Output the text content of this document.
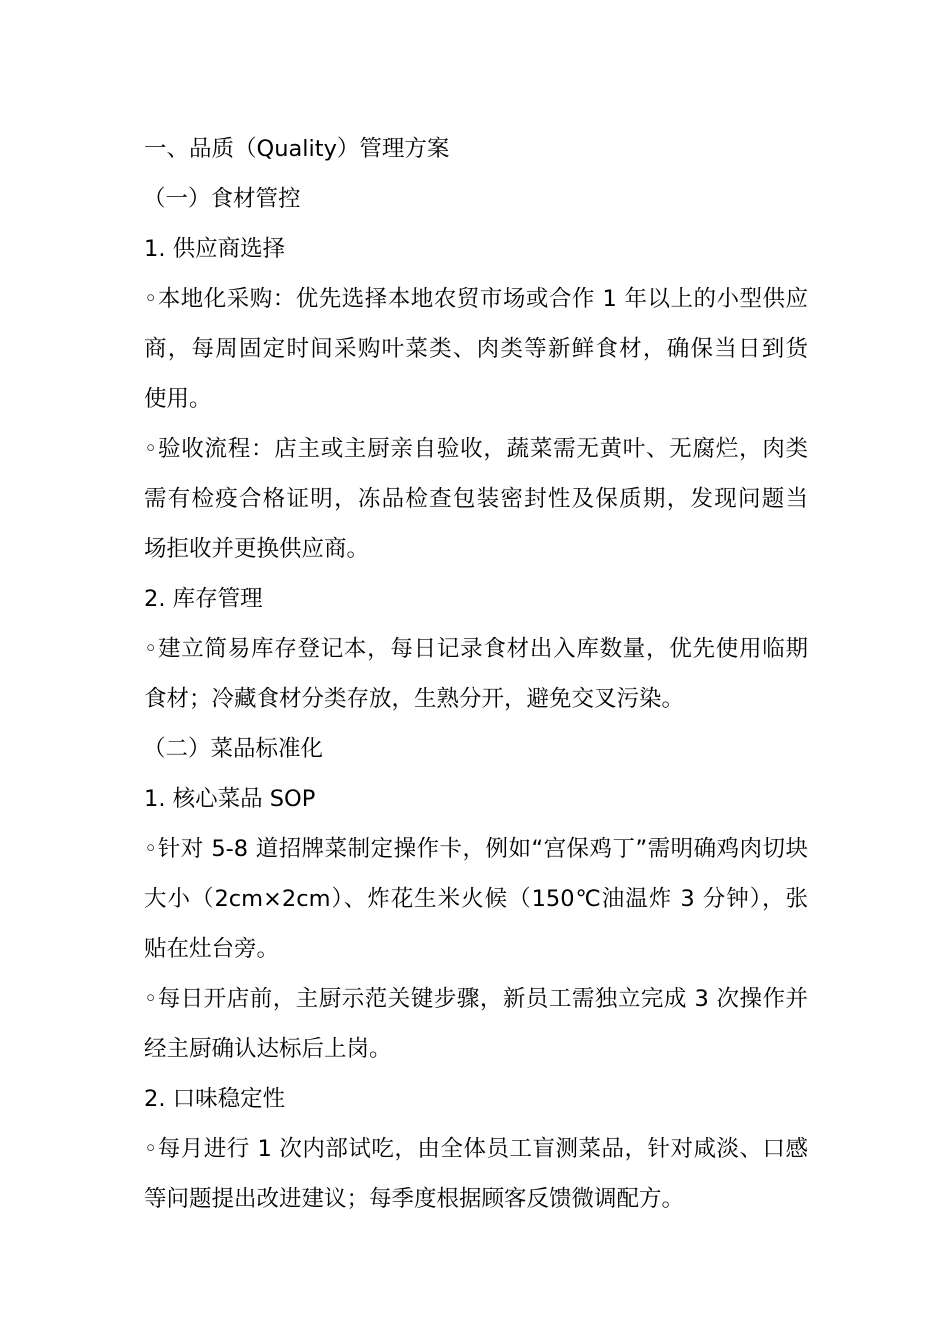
一、品质（Quality）管理方案

（一）食材管控

1. 供应商选择

◦本地化采购：优先选择本地农贸市场或合作 1 年以上的小型供应

商，每周固定时间采购叶菜类、肉类等新鲜食材，确保当日到货

使用。

◦验收流程：店主或主厨亲自验收，蔬菜需无黄叶、无腐烂，肉类

需有检疫合格证明，冻品检查包装密封性及保质期，发现问题当

场拒收并更换供应商。

2. 库存管理

◦建立简易库存登记本，每日记录食材出入库数量，优先使用临期

食材；冷藏食材分类存放，生熟分开，避免交叉污染。

（二）菜品标准化

1. 核心菜品 SOP

◦针对 5-8 道招牌菜制定操作卡，例如“宫保鸡丁”需明确鸡肉切块

大小（2cm×2cm）、炸花生米火候（150℃油温炸 3 分钟），张

贴在灶台旁。

◦每日开店前，主厨示范关键步骤，新员工需独立完成 3 次操作并

经主厨确认达标后上岗。

2. 口味稳定性

◦每月进行 1 次内部试吃，由全体员工盲测菜品，针对咸淡、口感

等问题提出改进建议；每季度根据顾客反馈微调配方。
